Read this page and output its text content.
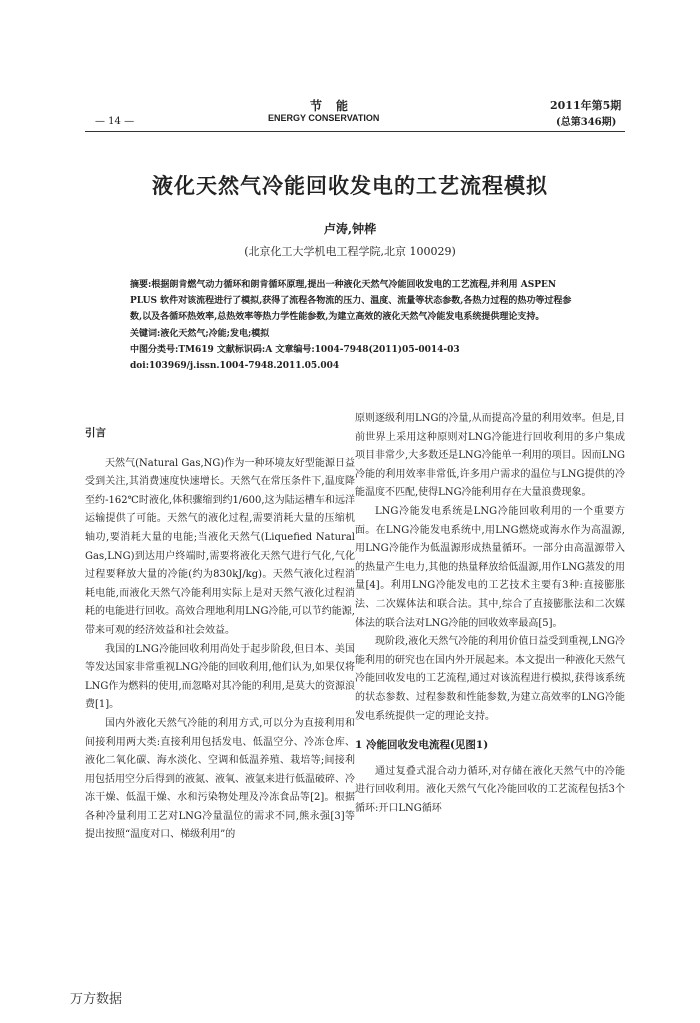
节能
ENERGY CONSERVATION
2011年第5期
(总第346期)
— 14 —
液化天然气冷能回收发电的工艺流程模拟
卢涛,钟桦
(北京化工大学机电工程学院,北京 100029)

摘要:根据朗肯燃气动力循环和朗肯循环原理,提出一种液化天然气冷能回收发电的工艺流程,并利用 ASPEN PLUS 软件对该流程进行了模拟,获得了流程各物流的压力、温度、流量等状态参数,各热力过程的热功等过程参数,以及各循环热效率,总热效率等热力学性能参数,为建立高效的液化天然气冷能发电系统提供理论支持。

关键词:液化天然气;冷能;发电;模拟

中图分类号:TM619 文献标识码:A 文章编号:1004-7948(2011)05-0014-03

doi:103969/j.issn.1004-7948.2011.05.004

引言

天然气(Natural Gas,NG)作为一种环境友好型能源日益受到关注,其消费速度快速增长。天然气在常压条件下,温度降至约-162℃时液化,体积骤缩到约1/600,这为陆运槽车和远洋运输提供了可能。天然气的液化过程,需要消耗大量的压缩机轴功,要消耗大量的电能;当液化天然气(Liquefied Natural Gas,LNG)到达用户终端时,需要将液化天然气进行气化,气化过程要释放大量的冷能(约为830kJ/kg)。天然气液化过程消耗电能,而液化天然气冷能利用实际上是对天然气液化过程消耗的电能进行回收。高效合理地利用LNG冷能,可以节约能源,带来可观的经济效益和社会效益。

我国的LNG冷能回收利用尚处于起步阶段,但日本、美国等发达国家非常重视LNG冷能的回收利用,他们认为,如果仅将LNG作为燃料的使用,而忽略对其冷能的利用,是莫大的资源浪费[1]。

国内外液化天然气冷能的利用方式,可以分为直接利用和间接利用两大类:直接利用包括发电、低温空分、冷冻仓库、液化二氧化碳、海水淡化、空调和低温养殖、栽培等;间接利用包括用空分后得到的液氮、液氧、液氩来进行低温破碎、冷冻干燥、低温干燥、水和污染物处理及冷冻食品等[2]。根据各种冷量利用工艺对LNG冷量温位的需求不同,熊永强[3]等提出按照“温度对口、梯级利用”的

原则逐级利用LNG的冷量,从而提高冷量的利用效率。但是,目前世界上采用这种原则对LNG冷能进行回收利用的多户集成项目非常少,大多数还是LNG冷能单一利用的项目。因而LNG冷能的利用效率非常低,许多用户需求的温位与LNG提供的冷能温度不匹配,使得LNG冷能利用存在大量浪费现象。

LNG冷能发电系统是LNG冷能回收利用的一个重要方面。在LNG冷能发电系统中,用LNG燃烧或海水作为高温源,用LNG冷能作为低温源形成热量循环。一部分由高温源带入的热量产生电力,其他的热量释放给低温源,用作LNG蒸发的用量[4]。利用LNG冷能发电的工艺技术主要有3种:直接膨胀法、二次媒体法和联合法。其中,综合了直接膨胀法和二次媒体法的联合法对LNG冷能的回收效率最高[5]。

现阶段,液化天然气冷能的利用价值日益受到重视,LNG冷能利用的研究也在国内外开展起来。本文提出一种液化天然气冷能回收发电的工艺流程,通过对该流程进行模拟,获得该系统的状态参数、过程参数和性能参数,为建立高效率的LNG冷能发电系统提供一定的理论支持。

1 冷能回收发电流程(见图1)

通过复叠式混合动力循环,对存储在液化天然气中的冷能进行回收利用。液化天然气气化冷能回收的工艺流程包括3个循环:开口LNG循环

万方数据
